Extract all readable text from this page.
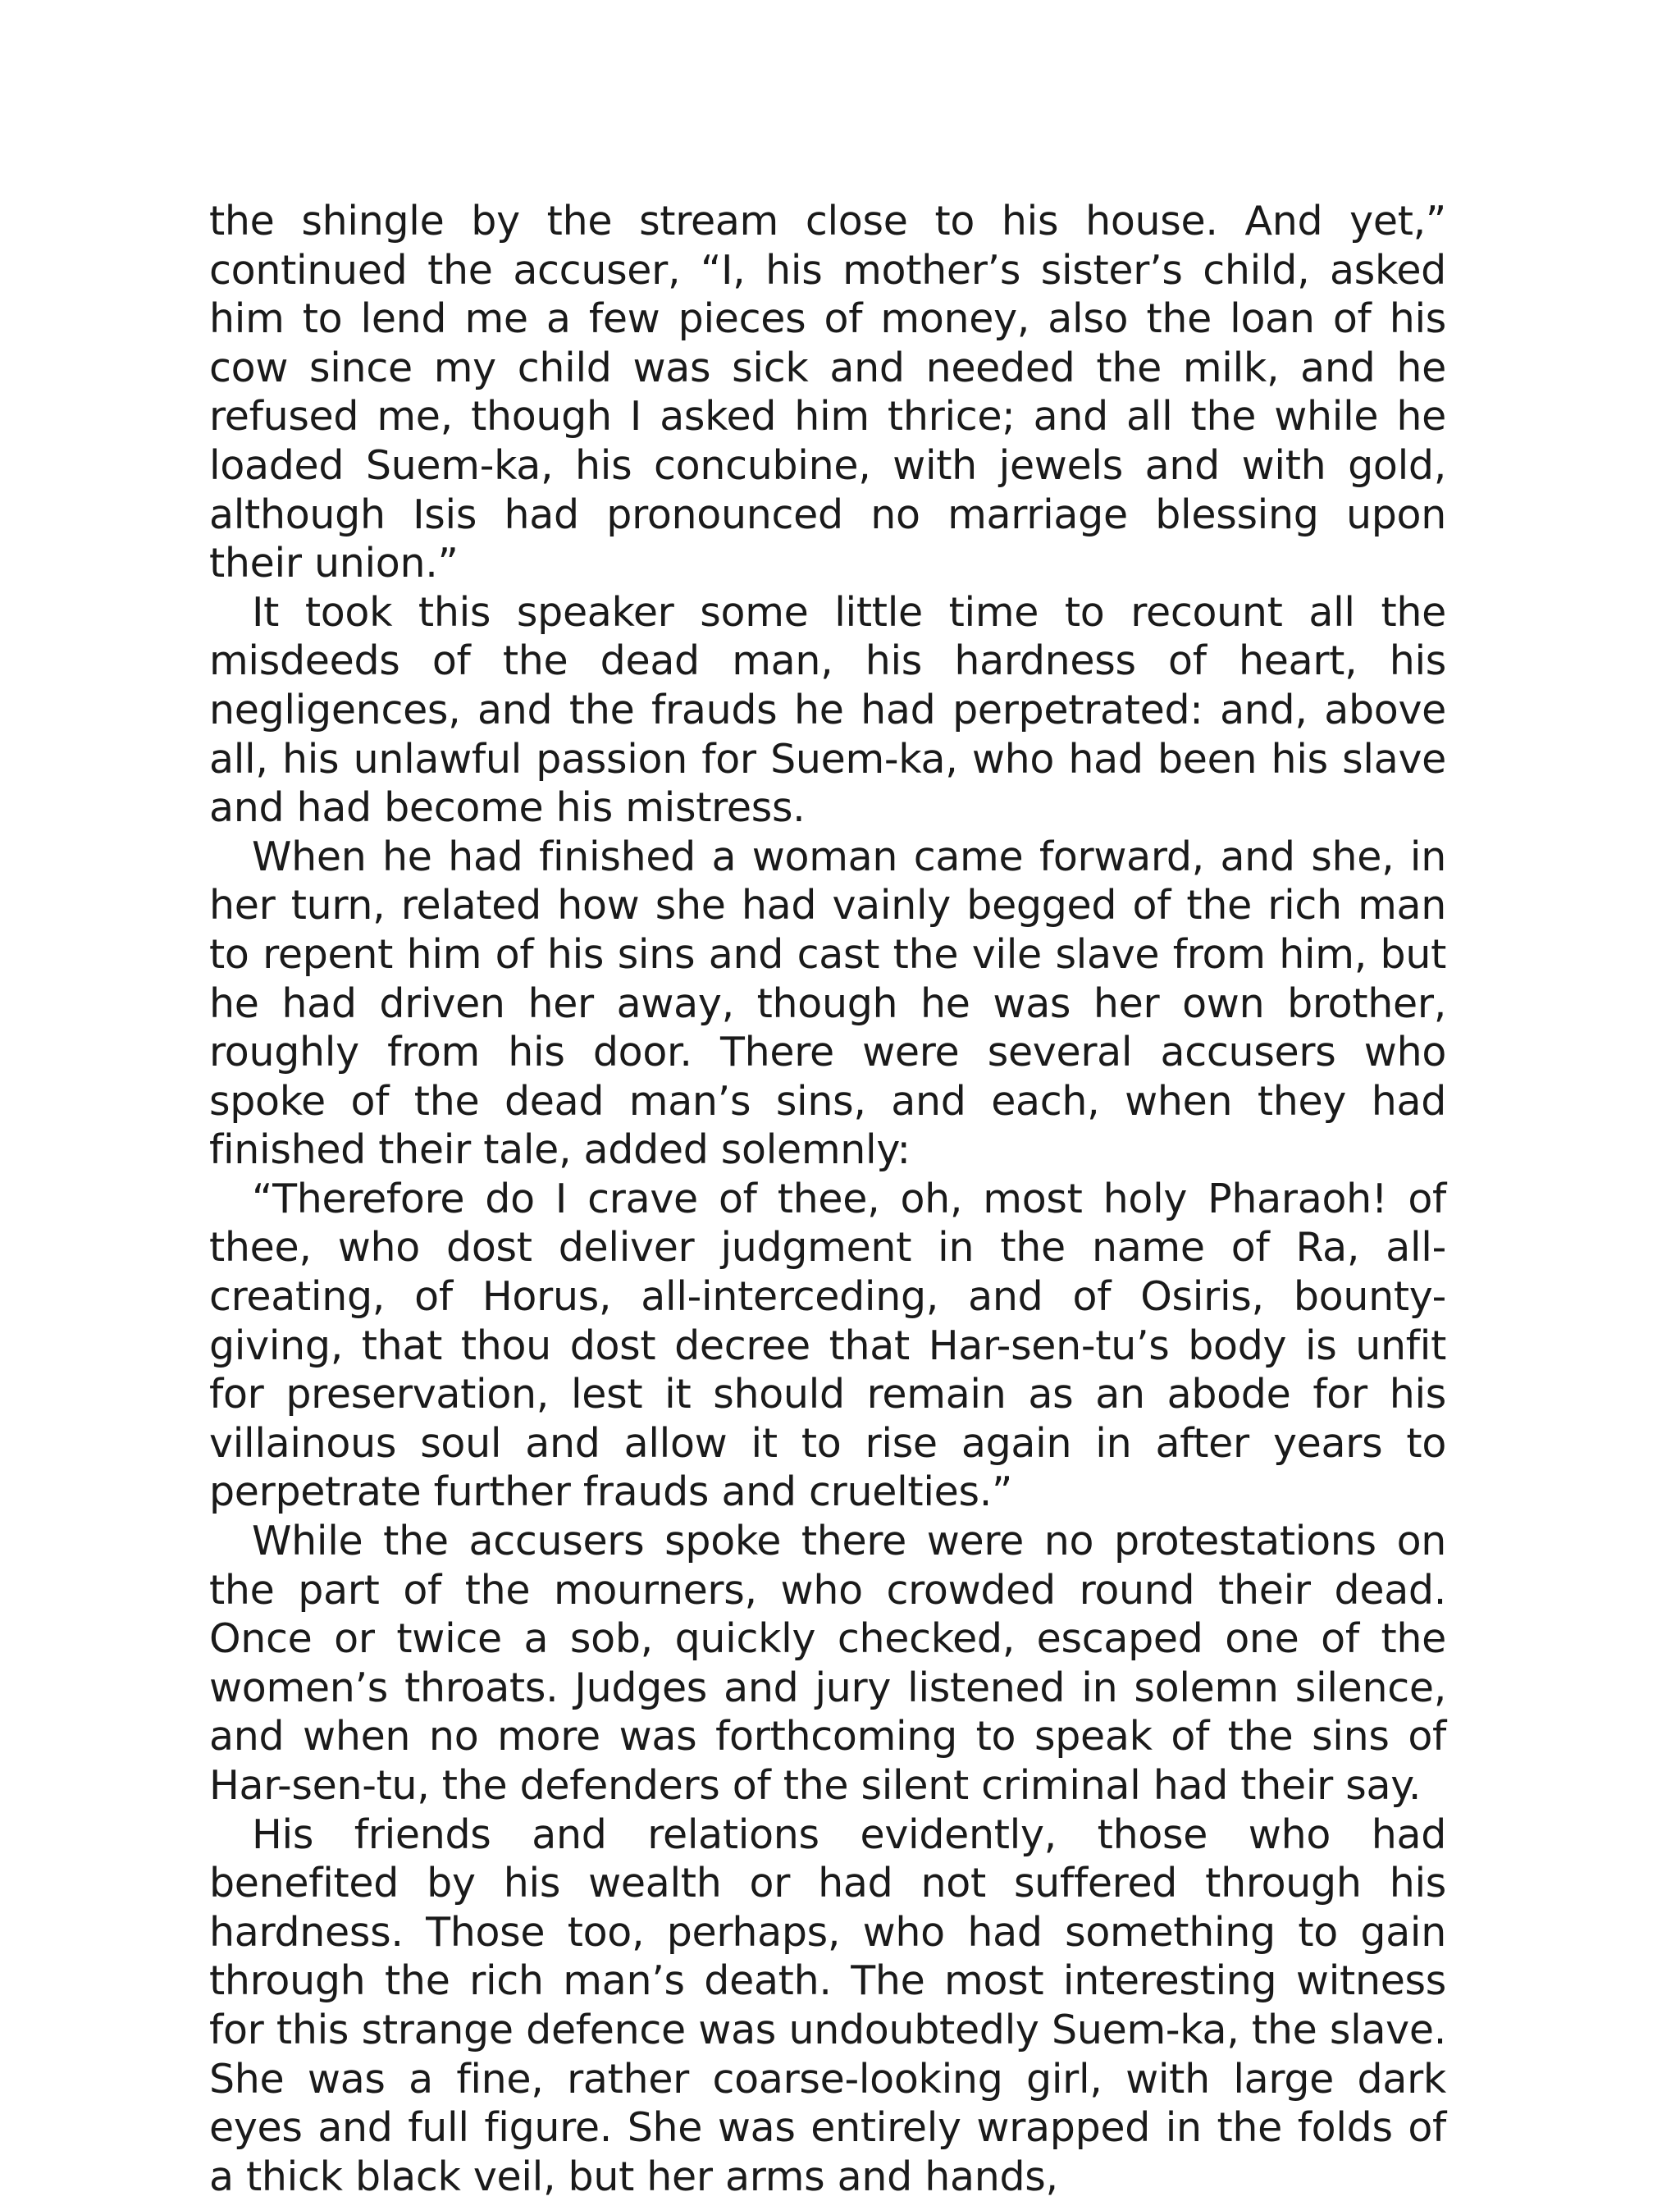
the shingle by the stream close to his house. And yet,” continued the accuser, “I, his mother’s sister’s child, asked him to lend me a few pieces of money, also the loan of his cow since my child was sick and needed the milk, and he refused me, though I asked him thrice; and all the while he loaded Suem-ka, his concubine, with jewels and with gold, although Isis had pronounced no marriage blessing upon their union.”

It took this speaker some little time to recount all the misdeeds of the dead man, his hardness of heart, his negligences, and the frauds he had perpetrated: and, above all, his unlawful passion for Suem-ka, who had been his slave and had become his mistress.

When he had finished a woman came forward, and she, in her turn, related how she had vainly begged of the rich man to repent him of his sins and cast the vile slave from him, but he had driven her away, though he was her own brother, roughly from his door. There were several accusers who spoke of the dead man’s sins, and each, when they had finished their tale, added solemnly:

“Therefore do I crave of thee, oh, most holy Pharaoh! of thee, who dost deliver judgment in the name of Ra, all-creating, of Horus, all-interceding, and of Osiris, bounty-giving, that thou dost decree that Har-sen-tu’s body is unfit for preservation, lest it should remain as an abode for his villainous soul and allow it to rise again in after years to perpetrate further frauds and cruelties.”

While the accusers spoke there were no protestations on the part of the mourners, who crowded round their dead. Once or twice a sob, quickly checked, escaped one of the women’s throats. Judges and jury listened in solemn silence, and when no more was forthcoming to speak of the sins of Har-sen-tu, the defenders of the silent criminal had their say.

His friends and relations evidently, those who had benefited by his wealth or had not suffered through his hardness. Those too, perhaps, who had something to gain through the rich man’s death. The most interesting witness for this strange defence was undoubtedly Suem-ka, the slave. She was a fine, rather coarse-looking girl, with large dark eyes and full figure. She was entirely wrapped in the folds of a thick black veil, but her arms and hands,
